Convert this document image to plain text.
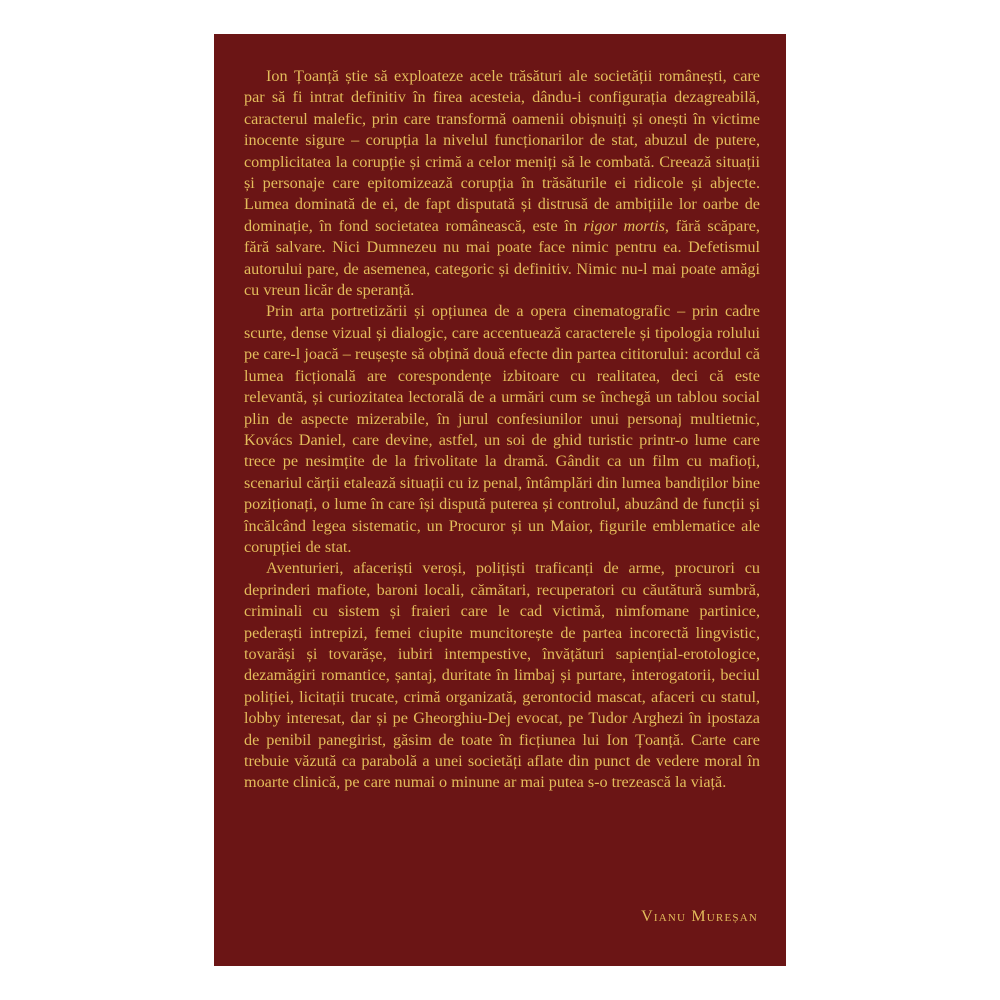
Ion Țoanță știe să exploateze acele trăsături ale societății românești, care par să fi intrat definitiv în firea acesteia, dându-i configurația dezagreabilă, caracterul malefic, prin care transformă oamenii obișnuiți și onești în victime inocente sigure – corupția la nivelul funcționarilor de stat, abuzul de putere, complicitatea la corupție și crimă a celor meniți să le combată. Creează situații și personaje care epitomizează corupția în trăsăturile ei ridicole și abjecte. Lumea dominată de ei, de fapt disputată și distrusă de ambițiile lor oarbe de dominație, în fond societatea românească, este în rigor mortis, fără scăpare, fără salvare. Nici Dumnezeu nu mai poate face nimic pentru ea. Defetismul autorului pare, de asemenea, categoric și definitiv. Nimic nu-l mai poate amăgi cu vreun licăr de speranță.

Prin arta portretizării și opțiunea de a opera cinematografic – prin cadre scurte, dense vizual și dialogic, care accentuează caracterele și tipologia rolului pe care-l joacă – reușește să obțină două efecte din partea cititorului: acordul că lumea ficțională are corespondențe izbitoare cu realitatea, deci că este relevantă, și curiozitatea lectorală de a urmări cum se închegă un tablou social plin de aspecte mizerabile, în jurul confesiunilor unui personaj multietnic, Kovács Daniel, care devine, astfel, un soi de ghid turistic printr-o lume care trece pe nesimțite de la frivolitate la dramă. Gândit ca un film cu mafioți, scenariul cărții etalează situații cu iz penal, întâmplări din lumea bandiților bine poziționați, o lume în care își dispută puterea și controlul, abuzând de funcții și încălcând legea sistematic, un Procuror și un Maior, figurile emblematice ale corupției de stat.

Aventurieri, afaceriști veroși, polițiști traficanți de arme, procurori cu deprinderi mafiote, baroni locali, cămătari, recuperatori cu căutătură sumbră, criminali cu sistem și fraieri care le cad victimă, nimfomane partinice, pederaști intrepizi, femei ciupite muncitorește de partea incorectă lingvistic, tovarăși și tovarășe, iubiri intempestive, învățături sapiențial-erotologice, dezamăgiri romantice, șantaj, duritate în limbaj și purtare, interogatorii, beciul poliției, licitații trucate, crimă organizată, gerontocid mascat, afaceri cu statul, lobby interesat, dar și pe Gheorghiu-Dej evocat, pe Tudor Arghezi în ipostaza de penibil panegirist, găsim de toate în ficțiunea lui Ion Țoanță. Carte care trebuie văzută ca parabolă a unei societăți aflate din punct de vedere moral în moarte clinică, pe care numai o minune ar mai putea s-o trezească la viață.

Vianu Mureșan
